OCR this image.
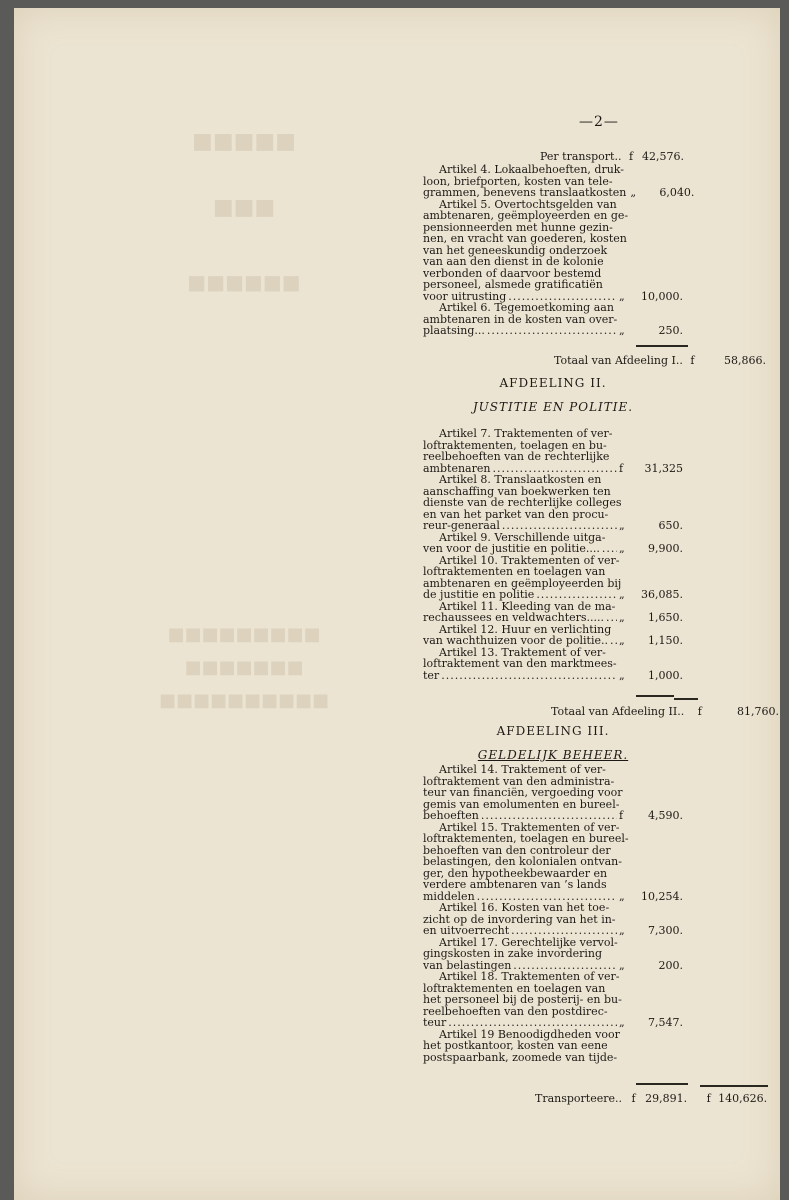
■■■■■
■■■
■■■■■■
■■■■■■■■■
■■■■■■■
■■■■■■■■■■
—2—
Per transport.. f 42,576.
Artikel 4. Lokaalbehoeften, druk-
loon, briefporten, kosten van tele-
grammen, benevens translaatkosten „	6,040.
Artikel 5. Overtochtsgelden van
ambtenaren, geëmployeerden en ge-
pensionneerden met hunne gezin-
nen, en vracht van goederen, kosten
van het geneeskundig onderzoek
van aan den dienst in de kolonie
verbonden of daarvoor bestemd
personeel, alsmede gratificatiën
voor uitrusting .....	„	10,000.
Artikel 6. Tegemoetkoming aan
ambtenaren in de kosten van over-
plaatsing... .....	„	250.
Totaal van Afdeeling I.. f	58,866.
AFDEELING II.
JUSTITIE EN POLITIE.
Artikel 7. Traktementen of ver-
loftraktementen, toelagen en bu-
reelbehoeften van de rechterlijke
ambtenaren .....	f	31,325
Artikel 8. Translaatkosten en
aanschaffing van boekwerken ten
dienste van de rechterlijke colleges
en van het parket van den procu-
reur-generaal .....	„	650.
Artikel 9. Verschillende uitga-
ven voor de justitie en politie.... ..... „	9,900.
Artikel 10. Traktementen of ver-
loftraktementen en toelagen van
ambtenaren en geëmployeerden bij
de justitie en politie .....	„	36,085.
Artikel 11. Kleeding van de ma-
rechaussees en veldwachters..... ..... „	1,650.
Artikel 12. Huur en verlichting
van wachthuizen voor de politie.. ..... „	1,150.
Artikel 13. Traktement of ver-
loftraktement van den marktmees-
ter .....	„	1,000.
Totaal van Afdeeling II.. f	81,760.
AFDEELING III.
GELDELIJK BEHEER.
Artikel 14. Traktement of ver-
loftraktement van den administra-
teur van financiën, vergoeding voor
gemis van emolumenten en bureel-
behoeften .....	f	4,590.
Artikel 15. Traktementen of ver-
loftraktementen, toelagen en bureel-
behoeften van den controleur der
belastingen, den kolonialen ontvan-
ger, den hypotheekbewaarder en
verdere ambtenaren van ’s lands
middelen .....	„	10,254.
Artikel 16. Kosten van het toe-
zicht op de invordering van het in-
en uitvoerrecht .....	„	7,300.
Artikel 17. Gerechtelijke vervol-
gingskosten in zake invordering
van belastingen .....	„	200.
Artikel 18. Traktementen of ver-
loftraktementen en toelagen van
het personeel bij de posterij- en bu-
reelbehoeften van den postdirec-
teur .....	„	7,547.
Artikel 19 Benoodigdheden voor
het postkantoor, kosten van eene
postspaarbank, zoomede van tijde-
Transporteere.. f 29,891. f 140,626.
